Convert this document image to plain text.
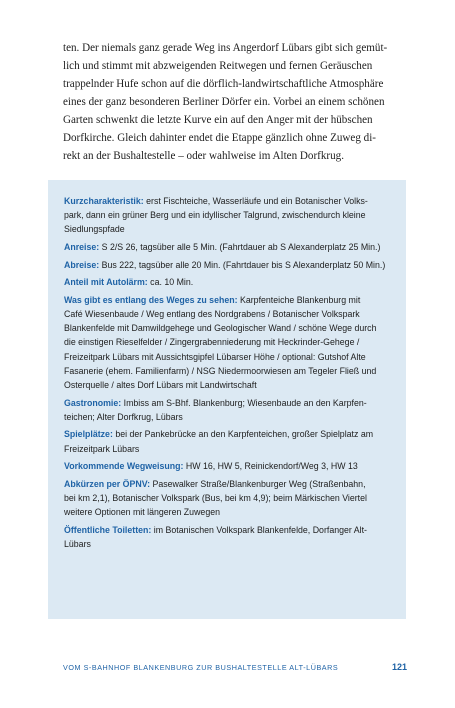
ten. Der niemals ganz gerade Weg ins Angerdorf Lübars gibt sich gemüt-
lich und stimmt mit abzweigenden Reitwegen und fernen Geräuschen
trappelnder Hufe schon auf die dörflich-landwirtschaftliche Atmosphäre
eines der ganz besonderen Berliner Dörfer ein. Vorbei an einem schönen
Garten schwenkt die letzte Kurve ein auf den Anger mit der hübschen
Dorfkirche. Gleich dahinter endet die Etappe gänzlich ohne Zuweg di-
rekt an der Bushaltestelle – oder wahlweise im Alten Dorfkrug.
Kurzcharakteristik: erst Fischteiche, Wasserläufe und ein Botanischer Volks-
park, dann ein grüner Berg und ein idyllischer Talgrund, zwischendurch kleine
Siedlungspfade
Anreise: S 2/S 26, tagsüber alle 5 Min. (Fahrtdauer ab S Alexanderplatz 25 Min.)
Abreise: Bus 222, tagsüber alle 20 Min. (Fahrtdauer bis S Alexanderplatz 50 Min.)
Anteil mit Autolärm: ca. 10 Min.
Was gibt es entlang des Weges zu sehen: Karpfenteiche Blankenburg mit
Café Wiesenbaude / Weg entlang des Nordgrabens / Botanischer Volkspark
Blankenfelde mit Damwildgehege und Geologischer Wand / schöne Wege durch
die einstigen Rieselfelder / Zingergrabenniederung mit Heckrinder-Gehege /
Freizeitpark Lübars mit Aussichtsgipfel Lübarser Höhe / optional: Gutshof Alte
Fasanerie (ehem. Familienfarm) / NSG Niedermoorwiesen am Tegeler Fließ und
Osterquelle / altes Dorf Lübars mit Landwirtschaft
Gastronomie: Imbiss am S-Bhf. Blankenburg; Wiesenbaude an den Karpfen-
teichen; Alter Dorfkrug, Lübars
Spielplätze: bei der Pankebrücke an den Karpfenteichen, großer Spielplatz am
Freizeitpark Lübars
Vorkommende Wegweisung: HW 16, HW 5, Reinickendorf/Weg 3, HW 13
Abkürzen per ÖPNV: Pasewalker Straße/Blankenburger Weg (Straßenbahn,
bei km 2,1), Botanischer Volkspark (Bus, bei km 4,9); beim Märkischen Viertel
weitere Optionen mit längeren Zuwegen
Öffentliche Toiletten: im Botanischen Volkspark Blankenfelde, Dorfanger Alt-
Lübars
VOM S-BAHNHOF BLANKENBURG ZUR BUSHALTESTELLE ALT-LÜBARS	121
